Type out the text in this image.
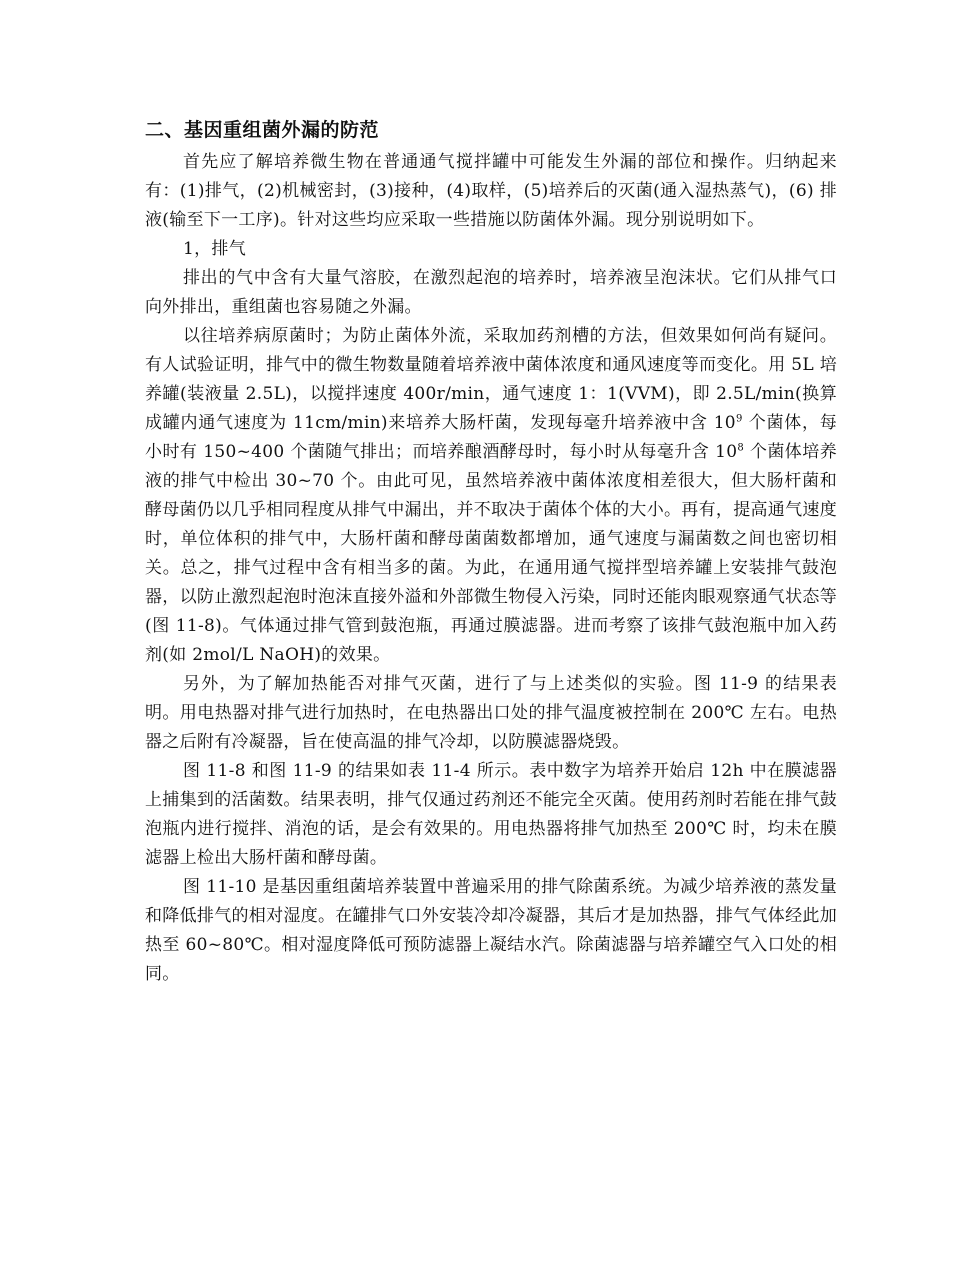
二、基因重组菌外漏的防范

首先应了解培养微生物在普通通气搅拌罐中可能发生外漏的部位和操作。归纳起来有：(1)排气，(2)机械密封，(3)接种，(4)取样，(5)培养后的灭菌(通入湿热蒸气)，(6) 排液(输至下一工序)。针对这些均应采取一些措施以防菌体外漏。现分别说明如下。

1，排气

排出的气中含有大量气溶胶，在激烈起泡的培养时，培养液呈泡沫状。它们从排气口向外排出，重组菌也容易随之外漏。

以往培养病原菌时；为防止菌体外流，采取加药剂槽的方法，但效果如何尚有疑问。有人试验证明，排气中的微生物数量随着培养液中菌体浓度和通风速度等而变化。用 5L 培养罐(装液量 2.5L)，以搅拌速度 400r/min，通气速度 1：1(VVM)，即 2.5L/min(换算成罐内通气速度为 11cm/min)来培养大肠杆菌，发现每毫升培养液中含 $10^9$ 个菌体，每小时有 150~400 个菌随气排出；而培养酿酒酵母时，每小时从每毫升含 $10^8$ 个菌体培养液的排气中检出 30~70 个。由此可见，虽然培养液中菌体浓度相差很大，但大肠杆菌和酵母菌仍以几乎相同程度从排气中漏出，并不取决于菌体个体的大小。再有，提高通气速度时，单位体积的排气中，大肠杆菌和酵母菌菌数都增加，通气速度与漏菌数之间也密切相关。总之，排气过程中含有相当多的菌。为此，在通用通气搅拌型培养罐上安装排气鼓泡器，以防止激烈起泡时泡沫直接外溢和外部微生物侵入污染，同时还能肉眼观察通气状态等(图 11-8)。气体通过排气管到鼓泡瓶，再通过膜滤器。进而考察了该排气鼓泡瓶中加入药剂(如 2mol/L NaOH)的效果。

另外，为了解加热能否对排气灭菌，进行了与上述类似的实验。图 11-9 的结果表明。用电热器对排气进行加热时，在电热器出口处的排气温度被控制在 200℃ 左右。电热器之后附有冷凝器，旨在使高温的排气冷却，以防膜滤器烧毁。

图 11-8 和图 11-9 的结果如表 11-4 所示。表中数字为培养开始启 12h 中在膜滤器上捕集到的活菌数。结果表明，排气仅通过药剂还不能完全灭菌。使用药剂时若能在排气鼓泡瓶内进行搅拌、消泡的话，是会有效果的。用电热器将排气加热至 200℃ 时，均未在膜滤器上检出大肠杆菌和酵母菌。

图 11-10 是基因重组菌培养装置中普遍采用的排气除菌系统。为减少培养液的蒸发量和降低排气的相对湿度。在罐排气口外安装冷却冷凝器，其后才是加热器，排气气体经此加热至 60~80℃。相对湿度降低可预防滤器上凝结水汽。除菌滤器与培养罐空气入口处的相同。
